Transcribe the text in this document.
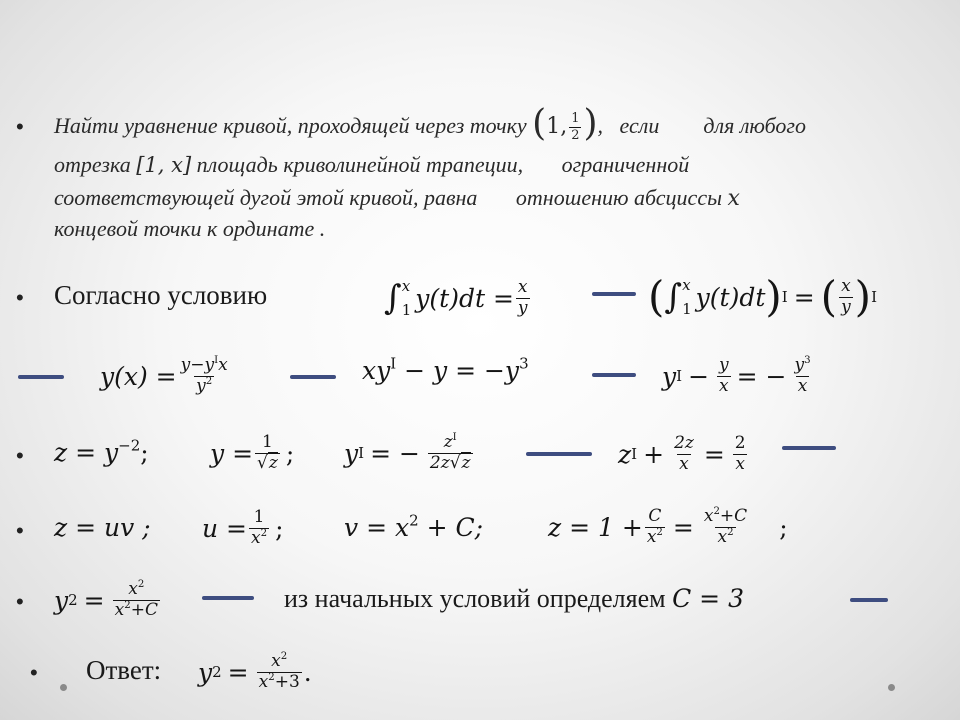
• Найти уравнение кривой, проходящей через точку (1, $\frac{1}{2}$ ), если для любого
отрезка [1, x] площадь криволинейной трапеции, ограниченной
соответствующей дугой этой кривой, равна отношению абсциссы x
концевой точки к ординате .
• Согласно условию	∫ x
1 $y(t)dt = \frac{x}{y}$	( ∫ x
1 y(t)dt ) I = ( $\frac{x}{y}$ ) I
$y(x) = \frac{y-y^Ix}{y^2}$	$xy^I - y = -y^3$	y $I - \frac{y}{x}$ = − $\frac{y^3}{x}$
• $z = y^{-2}$; $y = \frac{1}{√z}$ ; y I = − $\frac{z^I}{2z√z}$	z $I + \frac{2z}{x} = \frac{2}{x}$
• z = uv ; $u = \frac{1}{x^2}$ ; $v = x^2 + C$;	$z = 1 + \frac{C}{x^2} = \frac{x^2+C}{x^2}$ ;
• y $2 = \frac{x^2}{x^2+C}$	из начальных условий определяем C = 3
• Ответ: y $2 = \frac{x^2}{x^2+3}$ .
